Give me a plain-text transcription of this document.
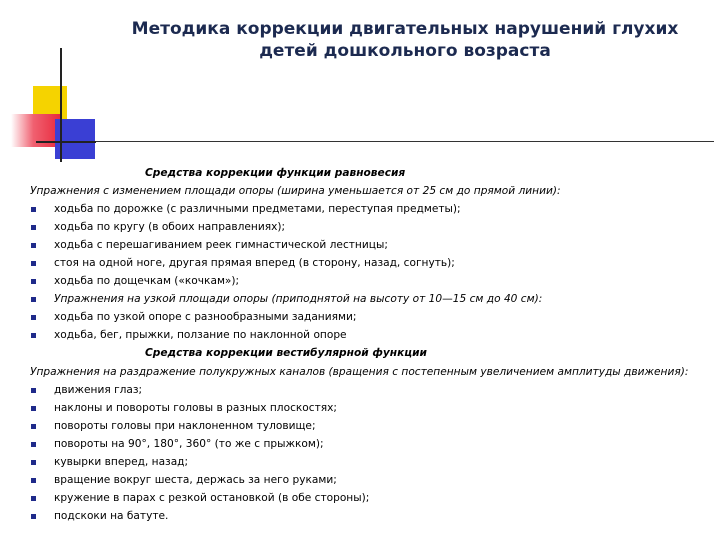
Методика коррекции двигательных нарушений глухих
детей дошкольного возраста
Средства коррекции функции равновесия
Упражнения с изменением площади опоры (ширина уменьшается от 25 см до прямой линии):
ходьба по дорожке (с различными предметами, переступая предметы);
ходьба по кругу (в обоих направлениях);
ходьба с перешагиванием реек гимнастической лестницы;
стоя на одной ноге, другая прямая вперед (в сторону, назад, согнуть);
ходьба по дощечкам («кочкам»);
Упражнения на узкой площади опоры (приподнятой на высоту от 10—15 см до 40 см):
ходьба по узкой опоре с разнообразными заданиями;
ходьба, бег, прыжки, ползание по наклонной опоре
Средства коррекции вестибулярной функции
Упражнения на раздражение полукружных каналов (вращения с постепенным увеличением амплитуды движения):
движения глаз;
наклоны и повороты головы в разных плоскостях;
повороты головы при наклоненном туловище;
повороты на 90°, 180°, 360° (то же с прыжком);
кувырки вперед, назад;
вращение вокруг шеста, держась за него руками;
кружение в парах с резкой остановкой (в обе стороны);
подскоки на батуте.
